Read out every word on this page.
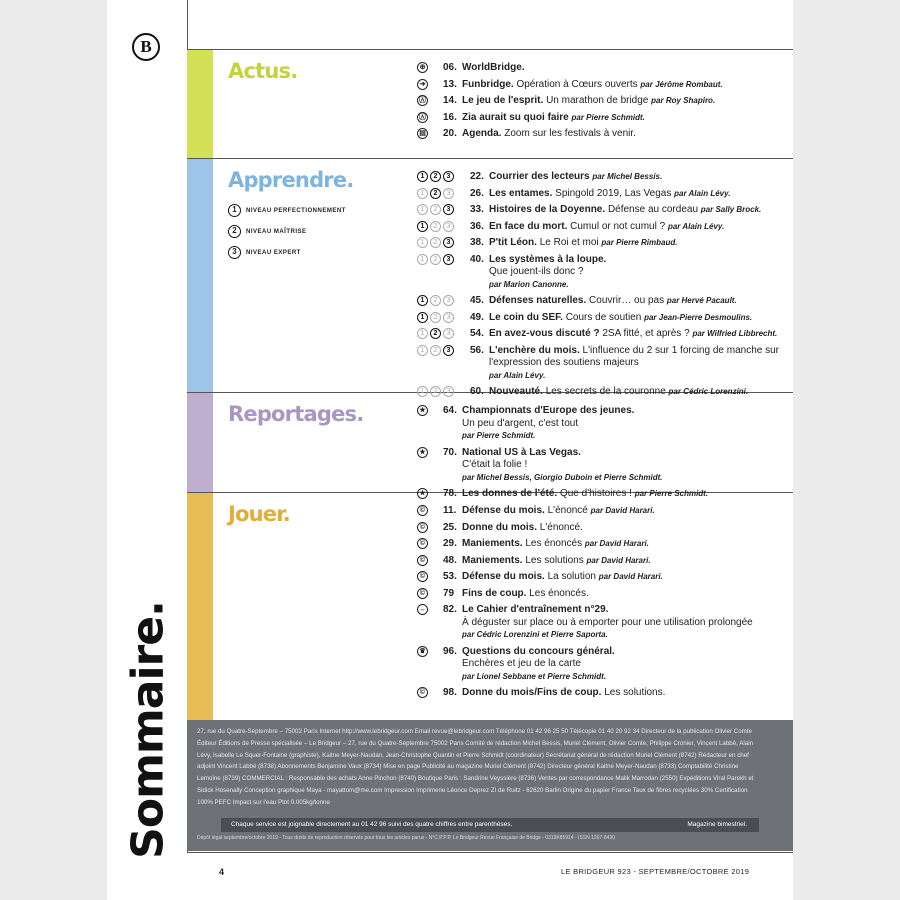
B
Sommaire.
Actus.	⊕ 06. WorldBridge.
➔ 13. Funbridge. Opération à Cœurs ouverts par Jérôme Rombaut.
Ⓐ 14. Le jeu de l'esprit. Un marathon de bridge par Roy Shapiro.
Ⓐ 16. Zia aurait su quoi faire par Pierre Schmidt.
▤ 20. Agenda. Zoom sur les festivals à venir.
Apprendre.
1	NIVEAU PERFECTIONNEMENT
2	NIVEAU MAÎTRISE
3	NIVEAU EXPERT
1	2	3	22. Courrier des lecteurs par Michel Bessis.
1	2	3	26. Les entames. Spingold 2019, Las Vegas par Alain Lévy.
1	2	3	33. Histoires de la Doyenne. Défense au cordeau par Sally Brock.
1	2	3	36. En face du mort. Cumul or not cumul ? par Alain Lévy.
1	2	3	38. P'tit Léon. Le Roi et moi par Pierre Rimbaud.
1	2	3	40. Les systèmes à la loupe.
Que jouent-ils donc ?
par Marion Canonne.
1	2	3	45. Défenses naturelles. Couvrir… ou pas par Hervé Pacault.
1	2	3	49. Le coin du SEF. Cours de soutien par Jean-Pierre Desmoulins.
1	2	3	54. En avez-vous discuté ? 2SA fitté, et après ? par Wilfried Libbrecht.
1	2	3	56. L'enchère du mois. L'influence du 2 sur 1 forcing de manche sur
l'expression des soutiens majeurs
par Alain Lévy.
1	2	3	60. Nouveauté. Les secrets de la couronne par Cédric Lorenzini.
Reportages.	★ 64. Championnats d'Europe des jeunes.
Un peu d'argent, c'est tout
par Pierre Schmidt.
★ 70. National US à Las Vegas.
C'était la folie !
par Michel Bessis, Giorgio Duboin et Pierre Schmidt.
★ 78. Les donnes de l'été. Que d'histoires ! par Pierre Schmidt.
Jouer.	© 11. Défense du mois. L'énoncé par David Harari.
© 25. Donne du mois. L'énoncé.
© 29. Maniements. Les énoncés par David Harari.
© 48. Maniements. Les solutions par David Harari.
© 53. Défense du mois. La solution par David Harari.
© 79 Fins de coup. Les énoncés.
↔ 82. Le Cahier d'entraînement n°29.
À déguster sur place ou à emporter pour une utilisation prolongée
par Cédric Lorenzini et Pierre Saporta.
♛ 96. Questions du concours général.
Enchères et jeu de la carte
par Lionel Sebbane et Pierre Schmidt.
© 98. Donne du mois/Fins de coup. Les solutions.
27, rue du Quatre-Septembre – 75002 Paris Internet http://www.lebridgeur.com Email revue@lebridgeur.com Téléphone 01 42 96 25 50 Télécopie 01 40 20 92 34 Directeur de la publication Olivier Comte Éditeur Éditions de Presse spécialisée – Le Bridgeur – 27, rue du Quatre-Septembre 75002 Paris Comité de rédaction Michel Bessis, Muriel Clément, Olivier Comte, Philippe Cronier, Vincent Labbé, Alain Lévy, Isabelle Le Squer-Fontaine (graphiste), Kaitne Meyer-Naudan, Jean-Christophe Quantin et Pierre Schmidt (coordinateur) Secrétariat général de rédaction Muriel Clément (8742) Rédacteur en chef adjoint Vincent Labbé (8738) Abonnements Benjamine Vaux (8734) Mise en page Publicité au magazine Muriel Clément (8742) Directeur général Kaitne Meyer-Naudan (8733) Comptabilité Christine Lemoine (8739) COMMERCIAL : Responsable des achats Anne Pinchon (8740) Boutique Paris : Sandrine Veyssière (8736) Ventes par correspondance Malik Marrodan (2550) Expéditions Viral Parekh et Sidick Hosenally Conception graphique Maya - mayattom@me.com Impression Imprimerie Léonce Deprez ZI de Ruitz - 62620 Barlin Origine du papier France Taux de fibres recyclées 30% Certification 100% PEFC Impact sur l'eau Ptot 0.005kg/tonne
Chaque service est joignable directement au 01 42 96 suivi des quatre chiffres entre parenthèses.	Magazine bimestriel.
Dépôt légal septembre/octobre 2019 - Tous droits de reproduction réservés pour tous les articles parus - N°C.P.P.P. Le Bridgeur Revue Française de Bridge - 0319K85914 - ISSN 1267-8430
4	LE BRIDGEUR 923 - SEPTEMBRE/OCTOBRE 2019
